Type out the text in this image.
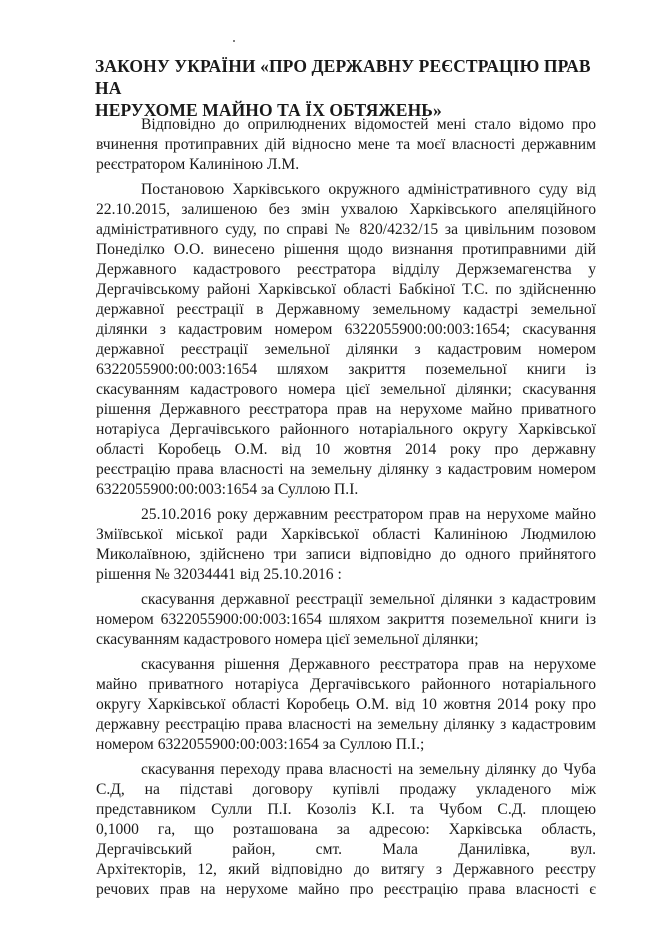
ЗАКОНУ УКРАЇНИ «ПРО ДЕРЖАВНУ РЕЄСТРАЦІЮ ПРАВ НА
НЕРУХОМЕ МАЙНО ТА ЇХ ОБТЯЖЕНЬ»
Відповідно до оприлюднених відомостей мені стало відомо про
вчинення протиправних дій відносно мене та моєї власності державним
реєстратором Калиніною Л.М.
Постановою Харківського окружного адміністративного суду від
22.10.2015, залишеною без змін ухвалою Харківського апеляційного
адміністративного суду, по справі № 820/4232/15 за цивільним позовом
Понеділко О.О. винесено рішення щодо визнання протиправними дій
Державного кадастрового реєстратора відділу Держземагенства у
Дергачівському районі Харківської області Бабкіної Т.С. по здійсненню
державної реєстрації в Державному земельному кадастрі земельної
ділянки з кадастровим номером 6322055900:00:003:1654; скасування
державної реєстрації земельної ділянки з кадастровим номером
6322055900:00:003:1654 шляхом закриття поземельної книги із
скасуванням кадастрового номера цієї земельної ділянки; скасування
рішення Державного реєстратора прав на нерухоме майно приватного
нотаріуса Дергачівського районного нотаріального округу Харківської
області Коробець О.М. від 10 жовтня 2014 року про державну
реєстрацію права власності на земельну ділянку з кадастровим номером
6322055900:00:003:1654 за Суллою П.І.
25.10.2016 року державним реєстратором прав на нерухоме майно
Зміївської міської ради Харківської області Калиніною Людмилою
Миколаївною, здійснено три записи відповідно до одного прийнятого
рішення № 32034441 від 25.10.2016 :
скасування державної реєстрації земельної ділянки з кадастровим
номером 6322055900:00:003:1654 шляхом закриття поземельної книги із
скасуванням кадастрового номера цієї земельної ділянки;
скасування рішення Державного реєстратора прав на нерухоме
майно приватного нотаріуса Дергачівського районного нотаріального
округу Харківської області Коробець О.М. від 10 жовтня 2014 року про
державну реєстрацію права власності на земельну ділянку з кадастровим
номером 6322055900:00:003:1654 за Суллою П.І.;
скасування переходу права власності на земельну ділянку до Чуба
С.Д, на підставі договору купівлі продажу укладеного між
представником Сулли П.І. Козоліз К.І. та Чубом С.Д. площею
0,1000 га, що розташована за адресою: Харківська область,
Дергачівський район, смт. Мала Данилівка, вул.
Архітекторів, 12, який відповідно до витягу з Державного реєстру
речових прав на нерухоме майно про реєстрацію права власності є
